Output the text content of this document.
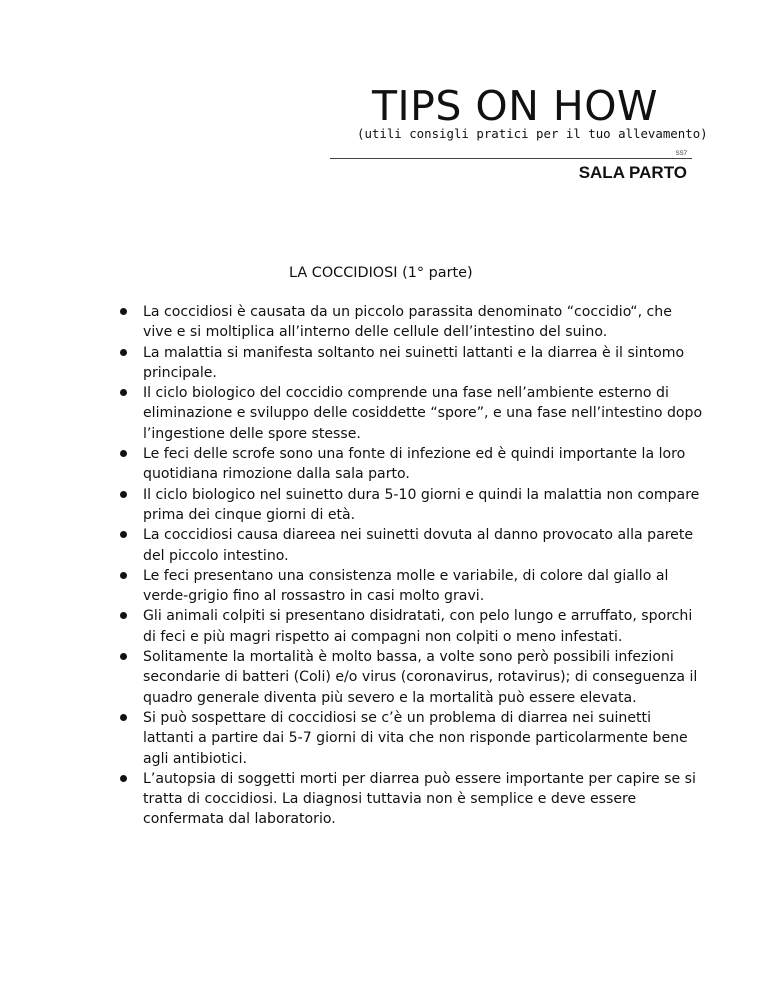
TIPS ON HOW
(utili consigli pratici per il tuo allevamento)
SS7
SALA PARTO
LA COCCIDIOSI (1° parte)
La coccidiosi è causata da un piccolo parassita denominato “coccidio“, che vive e si moltiplica all’interno delle cellule dell’intestino del suino.
La malattia si manifesta soltanto nei suinetti lattanti e la diarrea è il sintomo principale.
Il ciclo biologico del coccidio comprende una fase nell’ambiente esterno di eliminazione e sviluppo delle cosiddette “spore”, e una fase nell’intestino dopo l’ingestione delle spore stesse.
Le feci delle scrofe sono una fonte di infezione ed è quindi importante la loro quotidiana rimozione dalla sala parto.
Il ciclo biologico nel suinetto dura 5-10 giorni e quindi la malattia non compare prima dei cinque giorni di età.
La coccidiosi causa diareea nei suinetti dovuta al danno provocato alla parete del piccolo intestino.
Le feci presentano una consistenza molle e variabile, di colore dal giallo al verde-grigio fino al rossastro in casi molto gravi.
Gli animali colpiti si presentano disidratati, con pelo lungo e arruffato, sporchi di feci e più magri rispetto ai compagni non colpiti o meno infestati.
Solitamente la mortalità è molto bassa, a volte sono però possibili infezioni secondarie di batteri (Coli) e/o virus (coronavirus, rotavirus); di conseguenza il quadro generale diventa più severo e la mortalità può essere elevata.
Si può sospettare di coccidiosi se c’è un problema di diarrea nei suinetti lattanti a partire dai 5-7 giorni di vita che non risponde particolarmente bene agli antibiotici.
L’autopsia di soggetti morti per diarrea può essere importante per capire se si tratta di coccidiosi. La diagnosi tuttavia non è semplice e deve essere confermata dal laboratorio.
